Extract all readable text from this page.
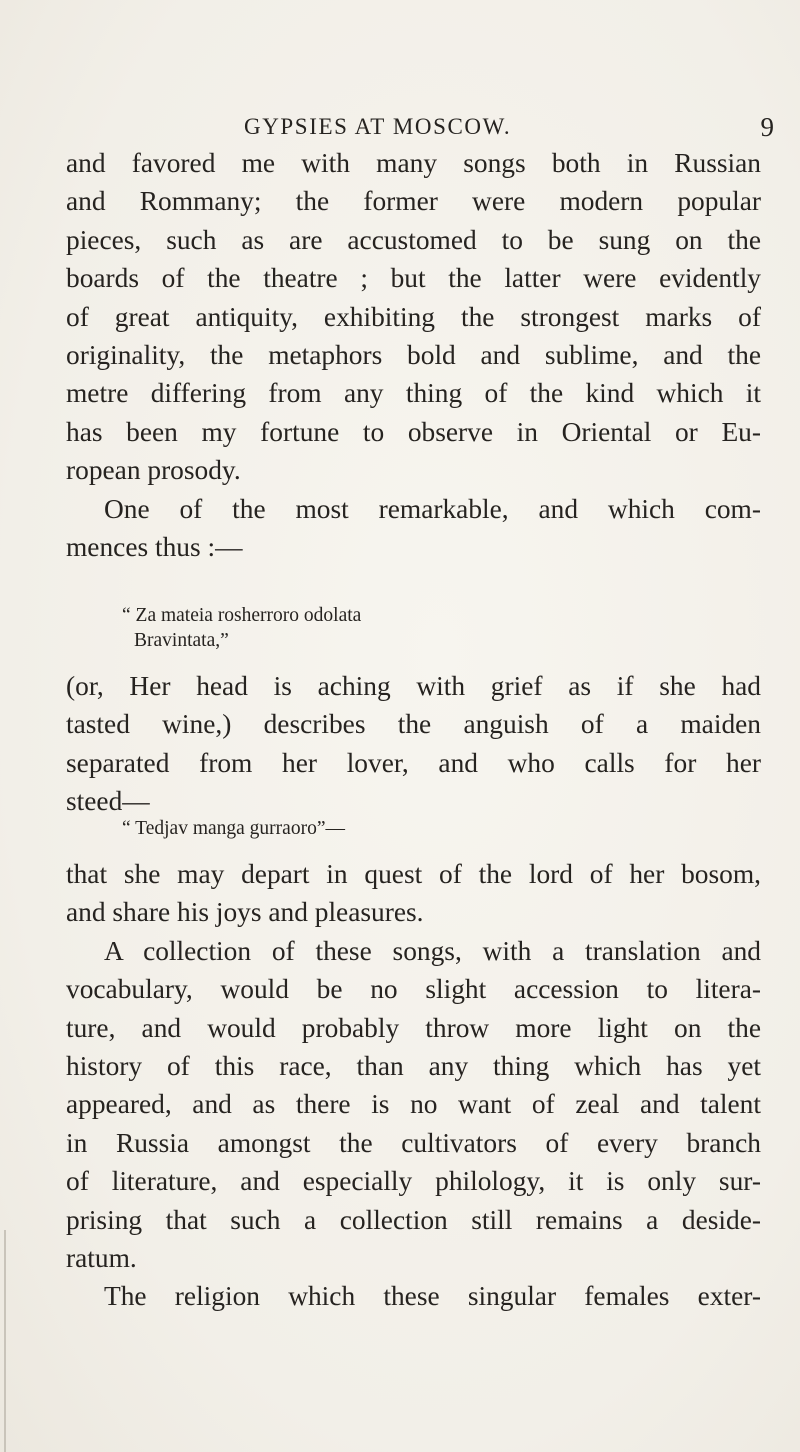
GYPSIES AT MOSCOW.	9
and favored me with many songs both in Russian
and Rommany; the former were modern popular
pieces, such as are accustomed to be sung on the
boards of the theatre ; but the latter were evidently
of great antiquity, exhibiting the strongest marks of
originality, the metaphors bold and sublime, and the
metre differing from any thing of the kind which it
has been my fortune to observe in Oriental or Eu-
ropean prosody.
One of the most remarkable, and which com-
mences thus :—
“ Za mateia rosherroro odolata
Bravintata,”
(or, Her head is aching with grief as if she had
tasted wine,) describes the anguish of a maiden
separated from her lover, and who calls for her
steed—
“ Tedjav manga gurraoro”—
that she may depart in quest of the lord of her bosom,
and share his joys and pleasures.
A collection of these songs, with a translation and
vocabulary, would be no slight accession to litera-
ture, and would probably throw more light on the
history of this race, than any thing which has yet
appeared, and as there is no want of zeal and talent
in Russia amongst the cultivators of every branch
of literature, and especially philology, it is only sur-
prising that such a collection still remains a deside-
ratum.
The religion which these singular females exter-
